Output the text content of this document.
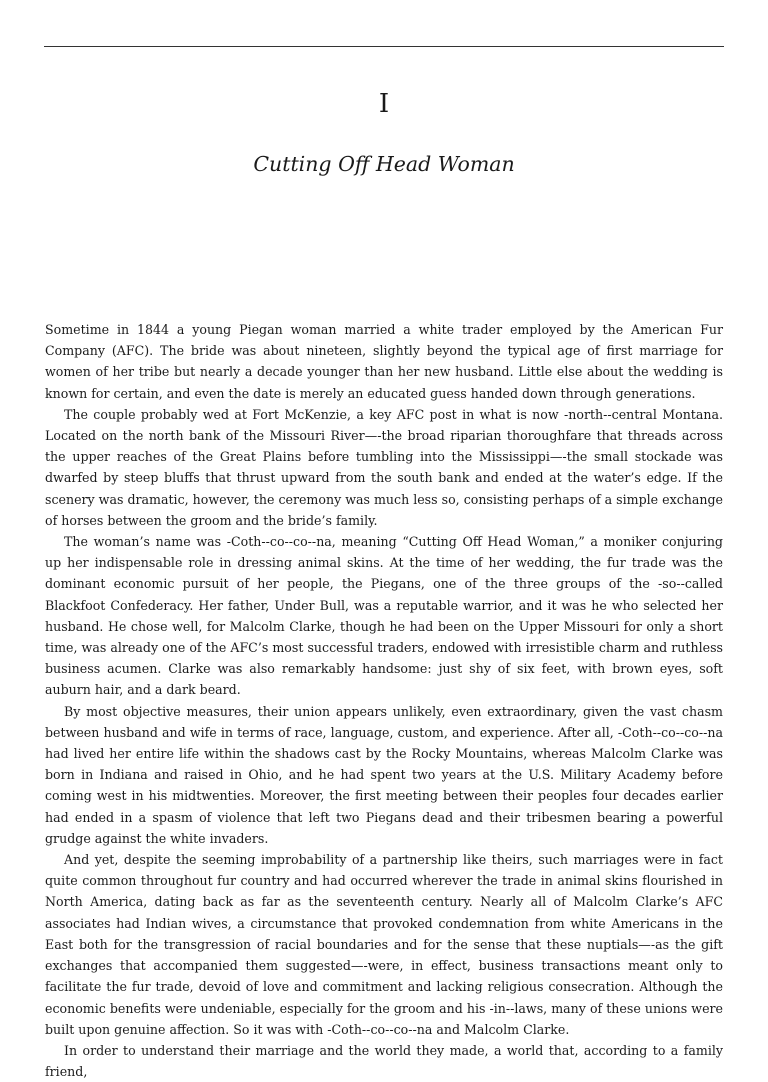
I
Cutting Off Head Woman

Sometime in 1844 a young Piegan woman married a white trader employed by the American Fur Company (AFC). The bride was about nineteen, slightly beyond the typical age of first marriage for women of her tribe but nearly a decade younger than her new husband. Little else about the wedding is known for certain, and even the date is merely an educated guess handed down through generations.

The couple probably wed at Fort McKenzie, a key AFC post in what is now -north--central Montana. Located on the north bank of the Missouri River—-the broad riparian thoroughfare that threads across the upper reaches of the Great Plains before tumbling into the Mississippi—-the small stockade was dwarfed by steep bluffs that thrust upward from the south bank and ended at the water’s edge. If the scenery was dramatic, however, the ceremony was much less so, consisting perhaps of a simple exchange of horses between the groom and the bride’s family.

The woman’s name was -Coth--co--co--na, meaning “Cutting Off Head Woman,” a moniker conjuring up her indispensable role in dressing animal skins. At the time of her wedding, the fur trade was the dominant economic pursuit of her people, the Piegans, one of the three groups of the -so--called Blackfoot Confederacy. Her father, Under Bull, was a reputable warrior, and it was he who selected her husband. He chose well, for Malcolm Clarke, though he had been on the Upper Missouri for only a short time, was already one of the AFC’s most successful traders, endowed with irresistible charm and ruthless business acumen. Clarke was also remarkably handsome: just shy of six feet, with brown eyes, soft auburn hair, and a dark beard.

By most objective measures, their union appears unlikely, even extraordinary, given the vast chasm between husband and wife in terms of race, language, custom, and experience. After all, -Coth--co--co--na had lived her entire life within the shadows cast by the Rocky Mountains, whereas Malcolm Clarke was born in Indiana and raised in Ohio, and he had spent two years at the U.S. Military Academy before coming west in his midtwenties. Moreover, the first meeting between their peoples four decades earlier had ended in a spasm of violence that left two Piegans dead and their tribesmen bearing a powerful grudge against the white invaders.

And yet, despite the seeming improbability of a partnership like theirs, such marriages were in fact quite common throughout fur country and had occurred wherever the trade in animal skins flourished in North America, dating back as far as the seventeenth century. Nearly all of Malcolm Clarke’s AFC associates had Indian wives, a circumstance that provoked condemnation from white Americans in the East both for the transgression of racial boundaries and for the sense that these nuptials—-as the gift exchanges that accompanied them suggested—-were, in effect, business transactions meant only to facilitate the fur trade, devoid of love and commitment and lacking religious consecration. Although the economic benefits were undeniable, especially for the groom and his -in--laws, many of these unions were built upon genuine affection. So it was with -Coth--co--co--na and Malcolm Clarke.

In order to understand their marriage and the world they made, a world that, according to a family friend,
